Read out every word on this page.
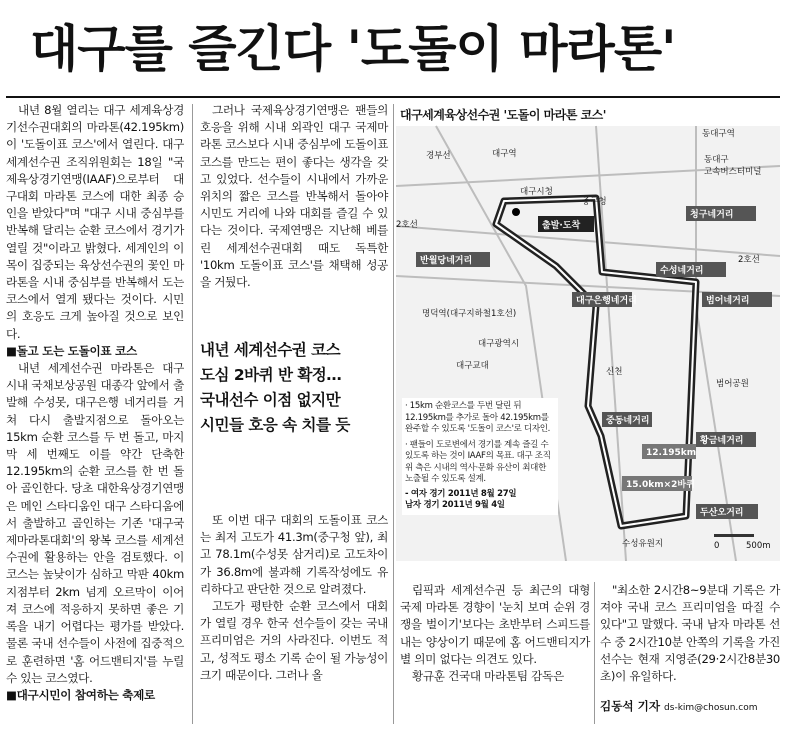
대구를 즐긴다 '도돌이 마라톤'

내년 8월 열리는 대구 세계육상경기선수권대회의 마라톤(42.195km)이 '도돌이표 코스'에서 열린다. 대구세계선수권 조직위원회는 18일 "국제육상경기연맹(IAAF)으로부터 대구대회 마라톤 코스에 대한 최종 승인을 받았다"며 "대구 시내 중심부를 반복해 달리는 순환 코스에서 경기가 열릴 것"이라고 밝혔다. 세계인의 이목이 집중되는 육상선수권의 꽃인 마라톤을 시내 중심부를 반복해서 도는 코스에서 열게 됐다는 것이다. 시민의 호응도 크게 높아질 것으로 보인다.

■돌고 도는 도돌이표 코스

내년 세계선수권 마라톤은 대구 시내 국채보상공원 대종각 앞에서 출발해 수성못, 대구은행 네거리를 거쳐 다시 출발지점으로 돌아오는 15km 순환 코스를 두 번 돌고, 마지막 세 번째도 이를 약간 단축한 12.195km의 순환 코스를 한 번 돌아 골인한다. 당초 대한육상경기연맹은 메인 스타디움인 대구 스타디움에서 출발하고 골인하는 기존 '대구국제마라톤대회'의 왕복 코스를 세계선수권에 활용하는 안을 검토했다. 이 코스는 높낮이가 심하고 막판 40km 지점부터 2km 넘게 오르막이 이어져 코스에 적응하지 못하면 좋은 기록을 내기 어렵다는 평가를 받았다. 물론 국내 선수들이 사전에 집중적으로 훈련하면 '홈 어드밴티지'를 누릴 수 있는 코스였다.

■대구시민이 참여하는 축제로

그러나 국제육상경기연맹은 팬들의 호응을 위해 시내 외곽인 대구 국제마라톤 코스보다 시내 중심부에 도돌이표 코스를 만드는 편이 좋다는 생각을 갖고 있었다. 선수들이 시내에서 가까운 위치의 짧은 코스를 반복해서 돌아야 시민도 거리에 나와 대회를 즐길 수 있다는 것이다. 국제연맹은 지난해 베를린 세계선수권대회 때도 독특한 '10km 도돌이표 코스'를 채택해 성공을 거뒀다.

내년 세계선수권 코스
도심 2바퀴 반 확정…
국내선수 이점 없지만
시민들 호응 속 치를 듯

또 이번 대구 대회의 도돌이표 코스는 최저 고도가 41.3m(중구청 앞), 최고 78.1m(수성못 삼거리)로 고도차이가 36.8m에 불과해 기록작성에도 유리하다고 판단한 것으로 알려졌다.

고도가 평탄한 순환 코스에서 대회가 열릴 경우 한국 선수들이 갖는 국내 프리미엄은 거의 사라진다. 이번도 적고, 성적도 평소 기록 순이 될 가능성이 크기 때문이다. 그러나 올

대구세계육상선수권 '도돌이 마라톤 코스'
동대구역
동대구
고속버스터미널
경부선	대구역
대구시청
중구청
2호선
2호선
명덕역(대구지하철1호선)
대구광역시
대구교대
신천
범어공원
수성유원지	0	500m
출발·도착
청구네거리
반월당네거리
수성네거리
범어네거리
대구은행네거리
중동네거리
황금네거리
두산오거리
12.195km
15.0km×2바퀴
· 15km 순환코스를 두번 달린 뒤 12.195km를 추가로 돌아 42.195km를 완주할 수 있도록 '도돌이 코스'로 디자인.
· 팬들이 도로변에서 경기를 계속 즐길 수 있도록 하는 것이 IAAF의 목표. 대구 조직위 측은 시내의 역사·문화 유산이 최대한 노출될 수 있도록 설계.
- 여자 경기 2011년 8월 27일
남자 경기 2011년 9월 4일

림픽과 세계선수권 등 최근의 대형 국제 마라톤 경향이 '눈치 보며 순위 경쟁을 벌이기'보다는 초반부터 스피드를 내는 양상이기 때문에 홈 어드밴티지가 별 의미 없다는 의견도 있다.

황규훈 건국대 마라톤팀 감독은

"최소한 2시간8~9분대 기록은 가져야 국내 코스 프리미엄을 따질 수 있다"고 말했다. 국내 남자 마라톤 선수 중 2시간10분 안쪽의 기록을 가진 선수는 현재 지영준(29·2시간8분30초)이 유일하다.

김동석 기자 ds-kim@chosun.com
